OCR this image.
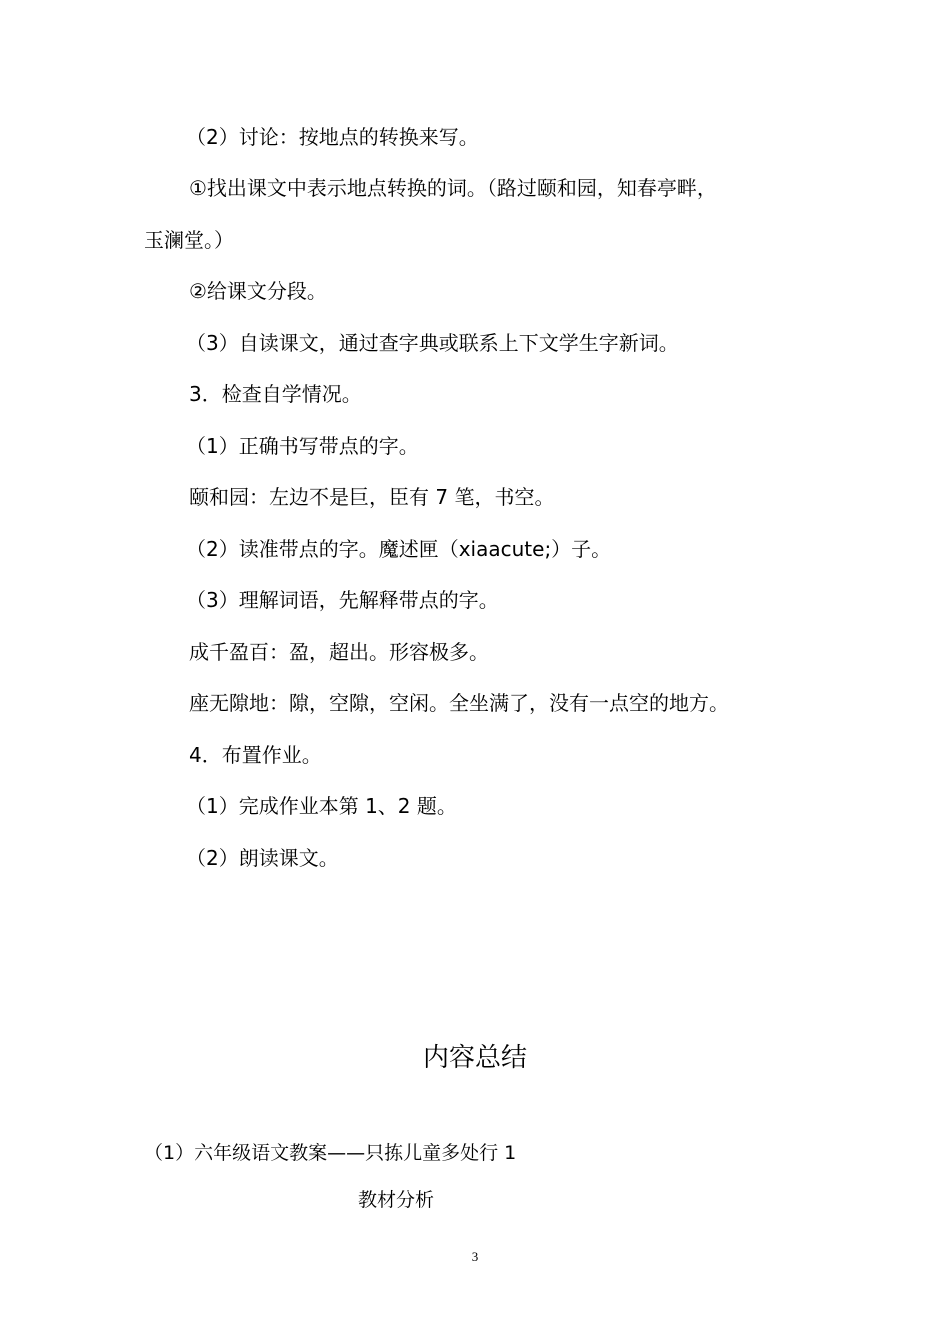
（2）讨论：按地点的转换来写。
①找出课文中表示地点转换的词。（路过颐和园，知春亭畔，
玉澜堂。）
②给课文分段。
（3）自读课文，通过查字典或联系上下文学生字新词。
3．检查自学情况。
（1）正确书写带点的字。
颐和园：左边不是巨，臣有 7 笔，书空。
（2）读准带点的字。魔述匣（xiaacute;）子。
（3）理解词语，先解释带点的字。
成千盈百：盈，超出。形容极多。
座无隙地：隙，空隙，空闲。全坐满了，没有一点空的地方。
4．布置作业。
（1）完成作业本第 1、2 题。
（2）朗读课文。
内容总结
（1）六年级语文教案——只拣儿童多处行 1
教材分析
3
